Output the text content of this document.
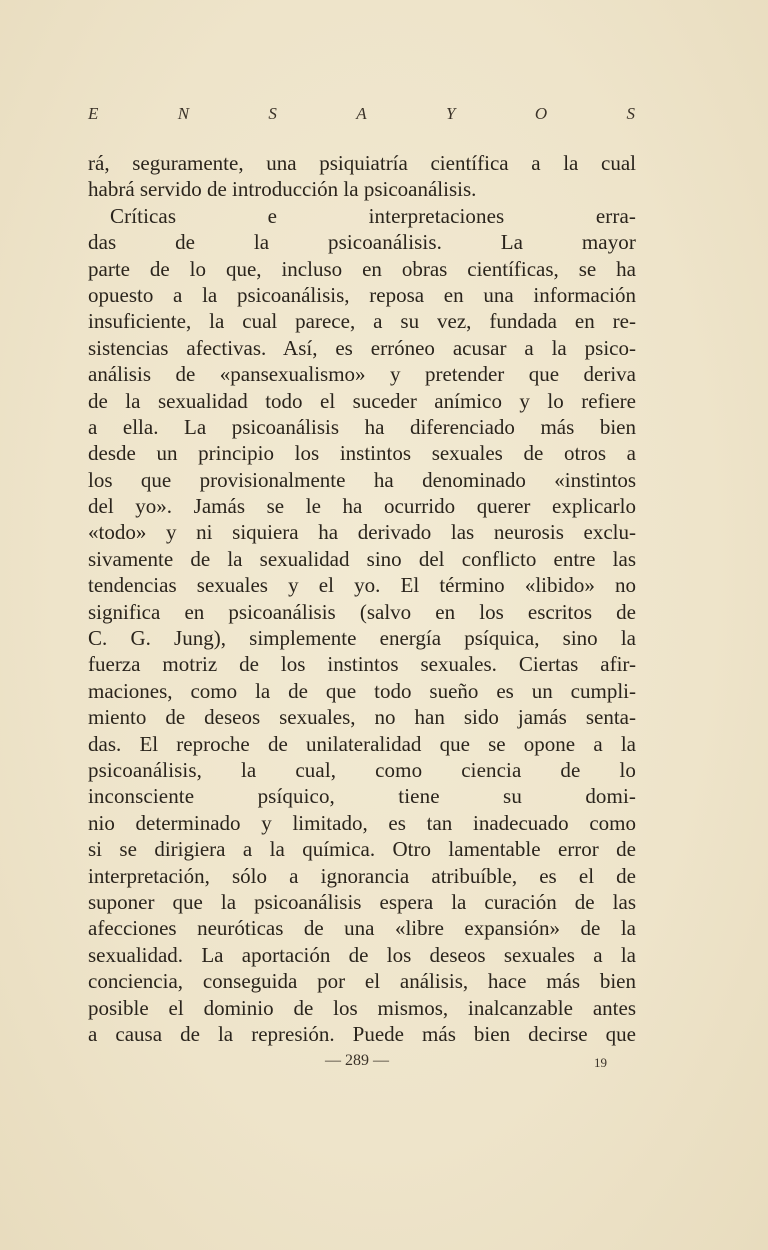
E	N	S	A	Y	O	S
rá, seguramente, una psiquiatría científica a la cual
habrá servido de introducción la psicoanálisis.
Críticas e interpretaciones erra-
das de la psicoanálisis. La mayor
parte de lo que, incluso en obras científicas, se ha
opuesto a la psicoanálisis, reposa en una información
insuficiente, la cual parece, a su vez, fundada en re-
sistencias afectivas. Así, es erróneo acusar a la psico-
análisis de «pansexualismo» y pretender que deriva
de la sexualidad todo el suceder anímico y lo refiere
a ella. La psicoanálisis ha diferenciado más bien
desde un principio los instintos sexuales de otros a
los que provisionalmente ha denominado «instintos
del yo». Jamás se le ha ocurrido querer explicarlo
«todo» y ni siquiera ha derivado las neurosis exclu-
sivamente de la sexualidad sino del conflicto entre las
tendencias sexuales y el yo. El término «libido» no
significa en psicoanálisis (salvo en los escritos de
C. G. Jung), simplemente energía psíquica, sino la
fuerza motriz de los instintos sexuales. Ciertas afir-
maciones, como la de que todo sueño es un cumpli-
miento de deseos sexuales, no han sido jamás senta-
das. El reproche de unilateralidad que se opone a la
psicoanálisis, la cual, como ciencia de lo
inconsciente psíquico, tiene su domi-
nio determinado y limitado, es tan inadecuado como
si se dirigiera a la química. Otro lamentable error de
interpretación, sólo a ignorancia atribuíble, es el de
suponer que la psicoanálisis espera la curación de las
afecciones neuróticas de una «libre expansión» de la
sexualidad. La aportación de los deseos sexuales a la
conciencia, conseguida por el análisis, hace más bien
posible el dominio de los mismos, inalcanzable antes
a causa de la represión. Puede más bien decirse que
— 289 —	19
